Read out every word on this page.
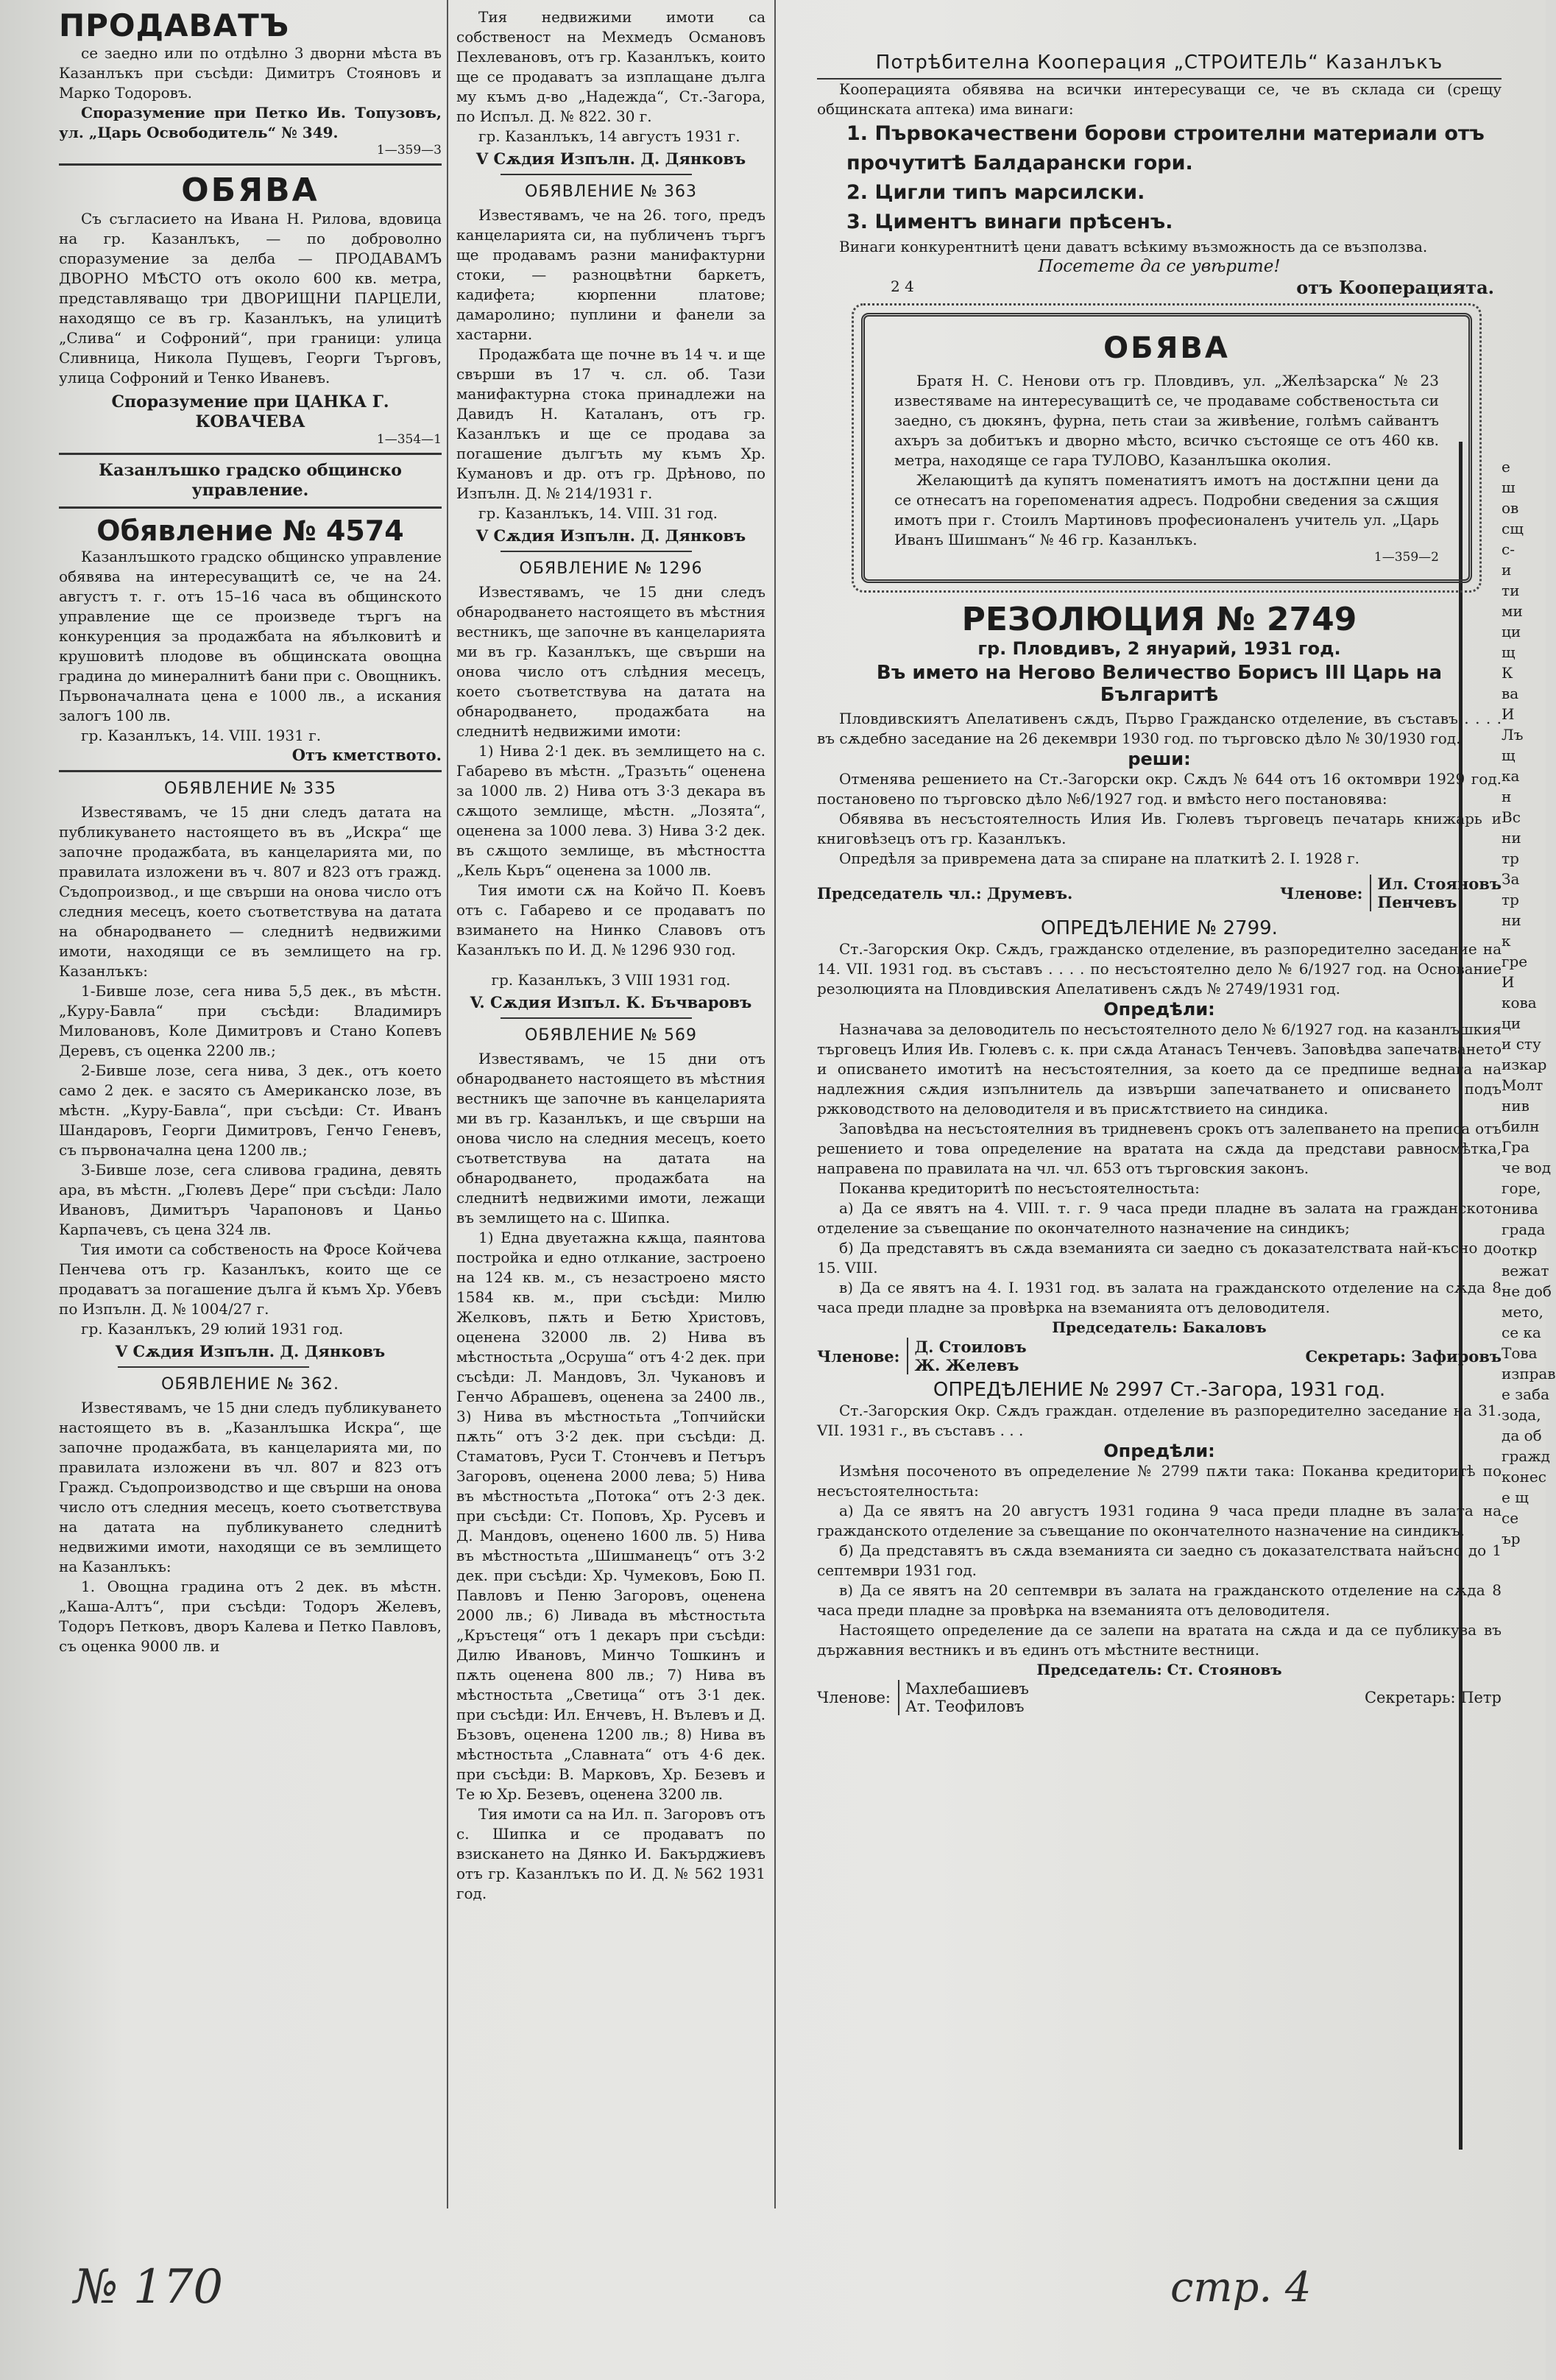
ПРОДАВАТЪ

се заедно или по отдѣлно 3 дворни мѣста въ Казанлъкъ при съсѣди: Димитръ Стояновъ и Марко Тодоровъ.

Споразумение при Петко Ив. Топузовъ, ул. „Царь Освободитель“ № 349.

1—359—3

ОБЯВА

Съ съгласието на Ивана Н. Рилова, вдовица на гр. Казанлъкъ, — по доброволно споразумение за делба — ПРОДАВАМЪ ДВОРНО МѢСТО отъ около 600 кв. метра, представляващо три ДВОРИЩНИ ПАРЦЕЛИ, находящо се въ гр. Казанлъкъ, на улицитѣ „Слива“ и Софроний“, при граници: улица Сливница, Никола Пущевъ, Георги Търговъ, улица Софроний и Тенко Иваневъ.

Споразумение при ЦАНКА Г. КОВАЧЕВА

1—354—1

Казанлъшко градско общинско управление.

Обявление № 4574

Казанлъшкото градско общинско управление обявява на интересуващитѣ се, че на 24. августъ т. г. отъ 15–16 часа въ общинското управление ще се произведе търгъ на конкуренция за продажбата на ябълковитѣ и крушовитѣ плодове въ общинската овощна градина до минералнитѣ бани при с. Овощникъ. Първоначалната цена е 1000 лв., а искания залогъ 100 лв.

гр. Казанлъкъ, 14. VIII. 1931 г.

Отъ кметството.

ОБЯВЛЕНИЕ № 335

Известявамъ, че 15 дни следъ датата на публикуването настоящето въ въ „Искра“ ще започне продажбата, въ канцеларията ми, по правилата изложени въ ч. 807 и 823 отъ гражд. Съдопроизвод., и ще свърши на онова число отъ следния месецъ, което съответствува на датата на обнародването — следнитѣ недвижими имоти, находящи се въ землището на гр. Казанлъкъ:

1-Бивше лозе, сега нива 5,5 дек., въ мѣстн. „Куру-Бавла“ при съсѣди: Владимиръ Миловановъ, Коле Димитровъ и Стано Копевъ Деревъ, съ оценка 2200 лв.;

2-Бивше лозе, сега нива, 3 дек., отъ което само 2 дек. е засято съ Американско лозе, въ мѣстн. „Куру-Бавла“, при съсѣди: Ст. Иванъ Шандаровъ, Георги Димитровъ, Генчо Геневъ, съ първоначална цена 1200 лв.;

3-Бивше лозе, сега сливова градина, девять ара, въ мѣстн. „Гюлевъ Дере“ при съсѣди: Лало Ивановъ, Димитъръ Чарапоновъ и Цаньо Карпачевъ, съ цена 324 лв.

Тия имоти са собственость на Фросе Койчева Пенчева отъ гр. Казанлъкъ, които ще се продаватъ за погашение дълга й къмъ Хр. Убевъ по Изпълн. Д. № 1004/27 г.

гр. Казанлъкъ, 29 юлий 1931 год.

V Сѫдия Изпълн. Д. Дянковъ

ОБЯВЛЕНИЕ № 362.

Известявамъ, че 15 дни следъ публикуването настоящето въ в. „Казанлъшка Искра“, ще започне продажбата, въ канцеларията ми, по правилата изложени въ чл. 807 и 823 отъ Гражд. Съдопроизводство и ще свърши на онова число отъ следния месецъ, което съответствува на датата на публикуването следнитѣ недвижими имоти, находящи се въ землището на Казанлъкъ:

1. Овощна градина отъ 2 дек. въ мѣстн. „Каша-Алтъ“, при съсѣди: Тодоръ Желевъ, Тодоръ Петковъ, дворъ Калева и Петко Павловъ, съ оценка 9000 лв. и

Тия недвижими имоти са собственост на Мехмедъ Османовъ Пехлевановъ, отъ гр. Казанлъкъ, които ще се продаватъ за изплащане дълга му къмъ д-во „Надежда“, Ст.-Загора, по Испъл. Д. № 822. 30 г.

гр. Казанлъкъ, 14 августъ 1931 г.

V Сѫдия Изпълн. Д. Дянковъ

ОБЯВЛЕНИЕ № 363

Известявамъ, че на 26. того, предъ канцеларията си, на публиченъ търгъ ще продавамъ разни манифактурни стоки, — разноцвѣтни баркетъ, кадифета; кюрпенни платове; дамаролино; пуплини и фанели за хастарни.

Продажбата ще почне въ 14 ч. и ще свърши въ 17 ч. сл. об. Тази манифактурна стока принадлежи на Давидъ Н. Каталанъ, отъ гр. Казанлъкъ и ще се продава за погашение дългъть му къмъ Хр. Кумановъ и др. отъ гр. Дрѣново, по Изпълн. Д. № 214/1931 г.

гр. Казанлъкъ, 14. VIII. 31 год.

V Сѫдия Изпълн. Д. Дянковъ

ОБЯВЛЕНИЕ № 1296

Известявамъ, че 15 дни следъ обнародването настоящето въ мѣстния вестникъ, ще започне въ канцеларията ми въ гр. Казанлъкъ, ще свърши на онова число отъ слѣдния месецъ, което съответствува на датата на обнародването, продажбата на следнитѣ недвижими имоти:

1) Нива 2·1 дек. въ землището на с. Габарево въ мѣстн. „Тразъть“ оценена за 1000 лв. 2) Нива отъ 3·3 декара въ сѫщото землище, мѣстн. „Лозята“, оценена за 1000 лева. 3) Нива 3·2 дек. въ сѫщото землище, въ мѣстността „Кель Кьръ“ оценена за 1000 лв.

Тия имоти сѫ на Койчо П. Коевъ отъ с. Габарево и се продаватъ по взимането на Нинко Славовъ отъ Казанлъкъ по И. Д. № 1296 930 год.

гр. Казанлъкъ, 3 VIII 1931 год.

V. Сѫдия Изпъл. К. Бъчваровъ

ОБЯВЛЕНИЕ № 569

Известявамъ, че 15 дни отъ обнародването настоящето въ мѣстния вестникъ ще започне въ канцеларията ми въ гр. Казанлъкъ, и ще свърши на онова число на следния месецъ, което съответствува на датата на обнародването, продажбата на следнитѣ недвижими имоти, лежащи въ землището на с. Шипка.

1) Една двуетажна кѫща, паянтова постройка и едно отлкание, застроено на 124 кв. м., съ незастроено място 1584 кв. м., при съсѣди: Милю Желковъ, пѫть и Бетю Христовъ, оценена 32000 лв. 2) Нива въ мѣстностьта „Осруша“ отъ 4·2 дек. при съсѣди: Л. Мандовъ, Зл. Чукановъ и Генчо Абрашевъ, оценена за 2400 лв., 3) Нива въ мѣстностьта „Топчийски пѫть“ отъ 3·2 дек. при съсѣди: Д. Стаматовъ, Руси Т. Стончевъ и Петъръ Загоровъ, оценена 2000 лева; 5) Нива въ мѣстностьта „Потока“ отъ 2·3 дек. при съсѣди: Ст. Поповъ, Хр. Русевъ и Д. Мандовъ, оценено 1600 лв. 5) Нива въ мѣстностьта „Шишманецъ“ отъ 3·2 дек. при съсѣди: Хр. Чумековъ, Бою П. Павловъ и Пеню Загоровъ, оценена 2000 лв.; 6) Ливада въ мѣстностьта „Кръстеця“ отъ 1 декаръ при съсѣди: Дилю Ивановъ, Минчо Тошкинъ и пѫть оценена 800 лв.; 7) Нива въ мѣстностьта „Светица“ отъ 3·1 дек. при съсѣди: Ил. Енчевъ, Н. Вълевъ и Д. Бъзовъ, оценена 1200 лв.; 8) Нива въ мѣстностьта „Славната“ отъ 4·6 дек. при съсѣди: В. Марковъ, Хр. Безевъ и Те ю Хр. Безевъ, оценена 3200 лв.

Тия имоти са на Ил. п. Загоровъ отъ с. Шипка и се продаватъ по взискането на Дянко И. Бакърджиевъ отъ гр. Казанлъкъ по И. Д. № 562 1931 год.

Потрѣбителна Кооперация „СТРОИТЕЛЬ“ Казанлъкъ

Кооперацията обявява на всички интересуващи се, че въ склада си (срещу общинската аптека) има винаги:

1. Първокачествени борови строителни материали отъ прочутитѣ Балдарански гори.

2. Цигли типъ марсилски.

3. Циментъ винаги прѣсенъ.

Винаги конкурентнитѣ цени даватъ всѣкиму възможность да се възползва.

Посетете да се увѣрите!

2 4	отъ Кооперацията.

ОБЯВА

Братя Н. С. Ненови отъ гр. Пловдивъ, ул. „Желѣзарска“ № 23 известяваме на интересуващитѣ се, че продаваме собственостьта си заедно, съ дюкянъ, фурна, петь стаи за живѣение, голѣмъ сайвантъ ахъръ за добитъкъ и дворно мѣсто, всичко състояще се отъ 460 кв. метра, находяще се гара ТУЛОВО, Казанлъшка околия.

Желающитѣ да купятъ поменатиятъ имотъ на достѫпни цени да се отнесатъ на горепоменатия адресъ. Подробни сведения за сѫщия имотъ при г. Стоилъ Мартиновъ професионаленъ учитель ул. „Царь Иванъ Шишманъ“ № 46 гр. Казанлъкъ.

1—359—2

РЕЗОЛЮЦИЯ № 2749

гр. Пловдивъ, 2 януарий, 1931 год.

Въ името на Негово Величество Борисъ III Царь на Българитѣ

Пловдивскиятъ Апелативенъ сѫдъ, Първо Гражданско отделение, въ съставъ . . . . въ сѫдебно заседание на 26 декември 1930 год. по търговско дѣло № 30/1930 год.

реши:

Отменява решението на Ст.-Загорски окр. Сѫдъ № 644 отъ 16 октомври 1929 год. постановено по търговско дѣло №6/1927 год. и вмѣсто него постановява:

Обявява въ несъстоятелность Илия Ив. Гюлевъ търговецъ печатарь книжарь и книговѣзецъ отъ гр. Казанлъкъ.

Опредѣля за привремена дата за спиране на платкитѣ 2. I. 1928 г.

Председатель чл.: Друмевъ.	Членове: Ил. Стояновъ
Пенчевъ

ОПРЕДѢЛЕНИЕ № 2799.

Ст.-Загорския Окр. Сѫдъ, гражданско отделение, въ разпоредително заседание на 14. VII. 1931 год. въ съставъ . . . . по несъстоятелно дело № 6/1927 год. на Основание резолюцията на Пловдивския Апелативенъ сѫдъ № 2749/1931 год.

Опредѣли:

Назначава за деловодитель по несъстоятелното дело № 6/1927 год. на казанлъшкия търговецъ Илия Ив. Гюлевъ с. к. при сѫда Атанасъ Тенчевъ. Заповѣдва запечатването и описването имотитѣ на несъстоятелния, за което да се предпише веднага на надлежния сѫдия изпълнитель да извърши запечатването и описването подъ ржководството на деловодителя и въ присѫтствието на синдика.

Заповѣдва на несъстоятелния въ тридневенъ срокъ отъ залепването на преписа отъ решението и това определение на вратата на сѫда да представи равносмѣтка, направена по правилата на чл. чл. 653 отъ търговския законъ.

Поканва кредиторитѣ по несъстоятелностьта:

а) Да се явятъ на 4. VIII. т. г. 9 часа преди пладне въ залата на гражданското отделение за съвещание по окончателното назначение на синдикъ;

б) Да представятъ въ сѫда вземанията си заедно съ доказателствата най-късно до 15. VIII.

в) Да се явятъ на 4. I. 1931 год. въ залата на гражданското отделение на сѫда 8 часа преди пладне за провѣрка на вземанията отъ деловодителя.

Председатель: Бакаловъ

Членове: Д. Стоиловъ
Ж. Желевъ	Секретарь: Зафировъ

ОПРЕДѢЛЕНИЕ № 2997 Ст.-Загора, 1931 год.

Ст.-Загорския Окр. Сѫдъ граждан. отделение въ разпоредително заседание на 31. VII. 1931 г., въ съставъ . . .

Опредѣли:

Измѣня посоченото въ определение № 2799 пѫти така: Поканва кредиторитѣ по несъстоятелностьта:

а) Да се явятъ на 20 августъ 1931 година 9 часа преди пладне въ залата на гражданското отделение за съвещание по окончателното назначение на синдикъ.

б) Да представятъ въ сѫда вземанията си заедно съ доказателствата найъсно до 1 септември 1931 год.

в) Да се явятъ на 20 септември въ залата на гражданското отделение на сѫда 8 часа преди пладне за провѣрка на вземанията отъ деловодителя.

Настоящето определение да се залепи на вратата на сѫда и да се публикува въ държавния вестникъ и въ единъ отъ мѣстните вестници.

Председатель: Ст. Стояновъ

Членове: Махлебашиевъ
Ат. Теофиловъ	Секретарь: Петр
е
ш
ов
сщ
с-
и
ти
ми
ци
щ
К
ва
И
Лъ
щ
ка
н
Вс
ни
тр
За
тр
ни
к
гре
И
кова
ци
и сту
изкар
Молт
нив
билн
Гра
че вод
горе,
нива
града
откр
вежат
не доб
мето,
се ка
Това
изправ
е заба
зода,
да об
гражд
конес
е щ
се
ър
№ 170	стр. 4
